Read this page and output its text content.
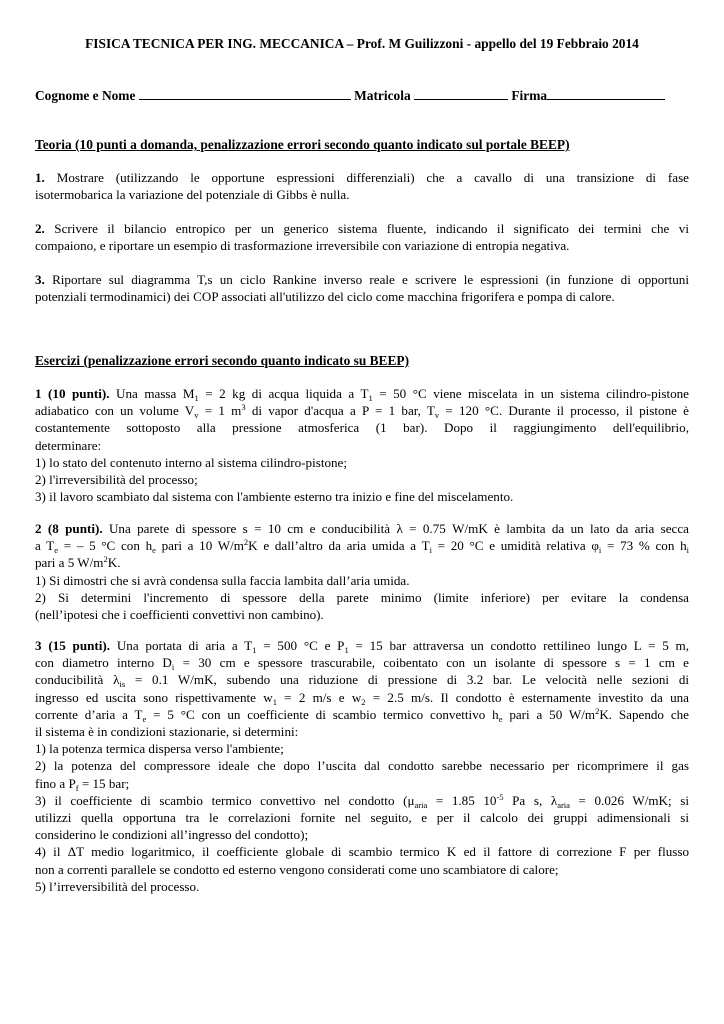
FISICA TECNICA PER ING. MECCANICA – Prof. M Guilizzoni - appello del 19 Febbraio 2014
Cognome e Nome	Matricola	Firma
Teoria (10 punti a domanda, penalizzazione errori secondo quanto indicato sul portale BEEP)
1. Mostrare (utilizzando le opportune espressioni differenziali) che a cavallo di una transizione di fase
isotermobarica la variazione del potenziale di Gibbs è nulla.
2. Scrivere il bilancio entropico per un generico sistema fluente, indicando il significato dei termini che vi
compaiono, e riportare un esempio di trasformazione irreversibile con variazione di entropia negativa.
3. Riportare sul diagramma T,s un ciclo Rankine inverso reale e scrivere le espressioni (in funzione di opportuni
potenziali termodinamici) dei COP associati all'utilizzo del ciclo come macchina frigorifera e pompa di calore.
Esercizi (penalizzazione errori secondo quanto indicato su BEEP)
1 (10 punti). Una massa $M_1 = 2$ kg di acqua liquida a $T_1 = 50$ °C viene miscelata in un sistema cilindro-pistone
adiabatico con un volume $V_v = 1$ $m^3$ di vapor d'acqua a P = 1 bar, $T_v = 120$ °C. Durante il processo, il pistone è
costantemente sottoposto alla pressione atmosferica (1 bar). Dopo il raggiungimento dell'equilibrio,
determinare:
1) lo stato del contenuto interno al sistema cilindro-pistone;
2) l'irreversibilità del processo;
3) il lavoro scambiato dal sistema con l'ambiente esterno tra inizio e fine del miscelamento.
2 (8 punti). Una parete di spessore s = 10 cm e conducibilità λ = 0.75 W/mK è lambita da un lato da aria secca
a $T_e$ = – 5 °C con $h_e$ pari a 10 $W/m^2K$ e dall’altro da aria umida a $T_i = 20$ °C e umidità relativa $\varphi_i = 73$ % con $h_i$
pari a 5 $W/m^2K$.
1) Si dimostri che si avrà condensa sulla faccia lambita dall’aria umida.
2) Si determini l'incremento di spessore della parete minimo (limite inferiore) per evitare la condensa
(nell’ipotesi che i coefficienti convettivi non cambino).
3 (15 punti). Una portata di aria a $T_1 = 500$ °C e $P_1 = 15$ bar attraversa un condotto rettilineo lungo L = 5 m,
con diametro interno $D_i = 30$ cm e spessore trascurabile, coibentato con un isolante di spessore s = 1 cm e
conducibilità $\lambda_{is} = 0.1$ W/mK, subendo una riduzione di pressione di 3.2 bar. Le velocità nelle sezioni di
ingresso ed uscita sono rispettivamente $w_1 = 2$ m/s e $w_2 = 2.5$ m/s. Il condotto è esternamente investito da una
corrente d’aria a $T_e = 5$ °C con un coefficiente di scambio termico convettivo $h_e$ pari a 50 $W/m^2K$. Sapendo che
il sistema è in condizioni stazionarie, si determini:
1) la potenza termica dispersa verso l'ambiente;
2) la potenza del compressore ideale che dopo l’uscita dal condotto sarebbe necessario per ricomprimere il gas
fino a $P_f = 15$ bar;
3) il coefficiente di scambio termico convettivo nel condotto ($\mu_{aria} = 1.85$ $10^{-5}$ Pa s, $\lambda_{aria} = 0.026$ W/mK; si
utilizzi quella opportuna tra le correlazioni fornite nel seguito, e per il calcolo dei gruppi adimensionali si
considerino le condizioni all’ingresso del condotto);
4) il ΔT medio logaritmico, il coefficiente globale di scambio termico K ed il fattore di correzione F per flusso
non a correnti parallele se condotto ed esterno vengono considerati come uno scambiatore di calore;
5) l’irreversibilità del processo.
